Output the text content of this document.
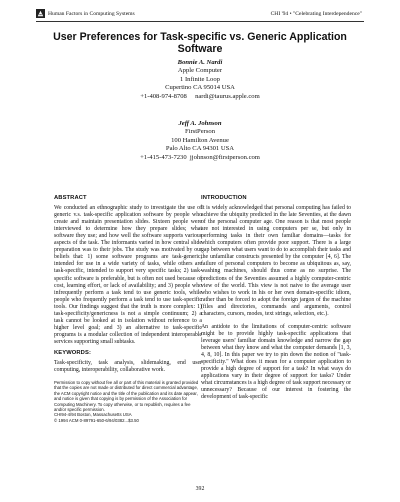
Human Factors in Computing Systems	CHI '94 • "Celebrating Interdependence"
User Preferences for Task-specific vs. Generic Application Software
Bonnie A. Nardi
Apple Computer
1 Infinite Loop
Cupertino CA 95014 USA
+1-408-974-8708     nardi@taurus.apple.com
Jeff A. Johnson
FirstPerson
100 Hamilton Avenue
Palo Alto CA 94301 USA
+1-415-473-7230  jjohnson@firstperson.com
ABSTRACT

We conducted an ethnographic study to investigate the use of generic v.s. task-specific application software by people who create and maintain presentation slides. Sixteen people were interviewed to determine how they prepare slides; what software they use; and how well the software supports various aspects of the task. The informants varied in how central slide preparation was to their jobs. The study was motivated by our beliefs that: 1) some software programs are task-generic, intended for use in a wide variety of tasks, while others are task-specific, intended to support very specific tasks; 2) task-specific software is preferable, but is often not used because of cost, learning effort, or lack of availability; and 3) people who infrequently perform a task tend to use generic tools, while people who frequently perform a task tend to use task-specific tools. Our findings suggest that the truth is more complex: 1) task-specificity/genericness is not a simple continuum; 2) a task cannot be looked at in isolation without reference to a higher level goal; and 3) an alternative to task-specific programs is a modular collection of independent interoperable services supporting small subtasks.

KEYWORDS:

Task-specificity, task analysis, slidemaking, end user computing, interoperability, collaborative work.

Permission to copy without fee all or part of this material is granted provided that the copies are not made or distributed for direct commercial advantage, the ACM copyright notice and the title of the publication and its date appear, and notice is given that copying is by permission of the Association for Computing Machinery. To copy otherwise, or to republish, requires a fee and/or specific permission.
CHI94-4/94 Boston, Massachusetts USA
© 1994 ACM 0-89791-650-6/94/0382...$3.50
INTRODUCTION

It is widely acknowledged that personal computing has failed to achieve the ubiquity predicted in the late Seventies, at the dawn of the personal computer age. One reason is that most people are not interested in using computers per se, but only in performing tasks in their own familiar domains—tasks for which computers often provide poor support. There is a large gap between what users want to do to accomplish their tasks and the unfamiliar constructs presented by the computer [4, 6]. The failure of personal computers to become as ubiquitous as, say, washing machines, should thus come as no surprise. The predictions of the Seventies assumed a highly computer-centric view of the world. This view is not naive to the average user who wishes to work in his or her own domain-specific idiom, rather than be forced to adopt the foreign jargon of the machine (files and directories, commands and arguments, control characters, cursors, modes, text strings, selection, etc.).

An antidote to the limitations of computer-centric software might be to provide highly task-specific applications that leverage users' familiar domain knowledge and narrow the gap between what they know and what the computer demands [1, 3, 4, 8, 10]. In this paper we try to pin down the notion of "task-specificity." What does it mean for a computer application to provide a high degree of support for a task? In what ways do applications vary in their degree of support for tasks? Under what circumstances is a high degree of task support necessary or unnecessary? Because of our interest in fostering the development of task-specific

392
